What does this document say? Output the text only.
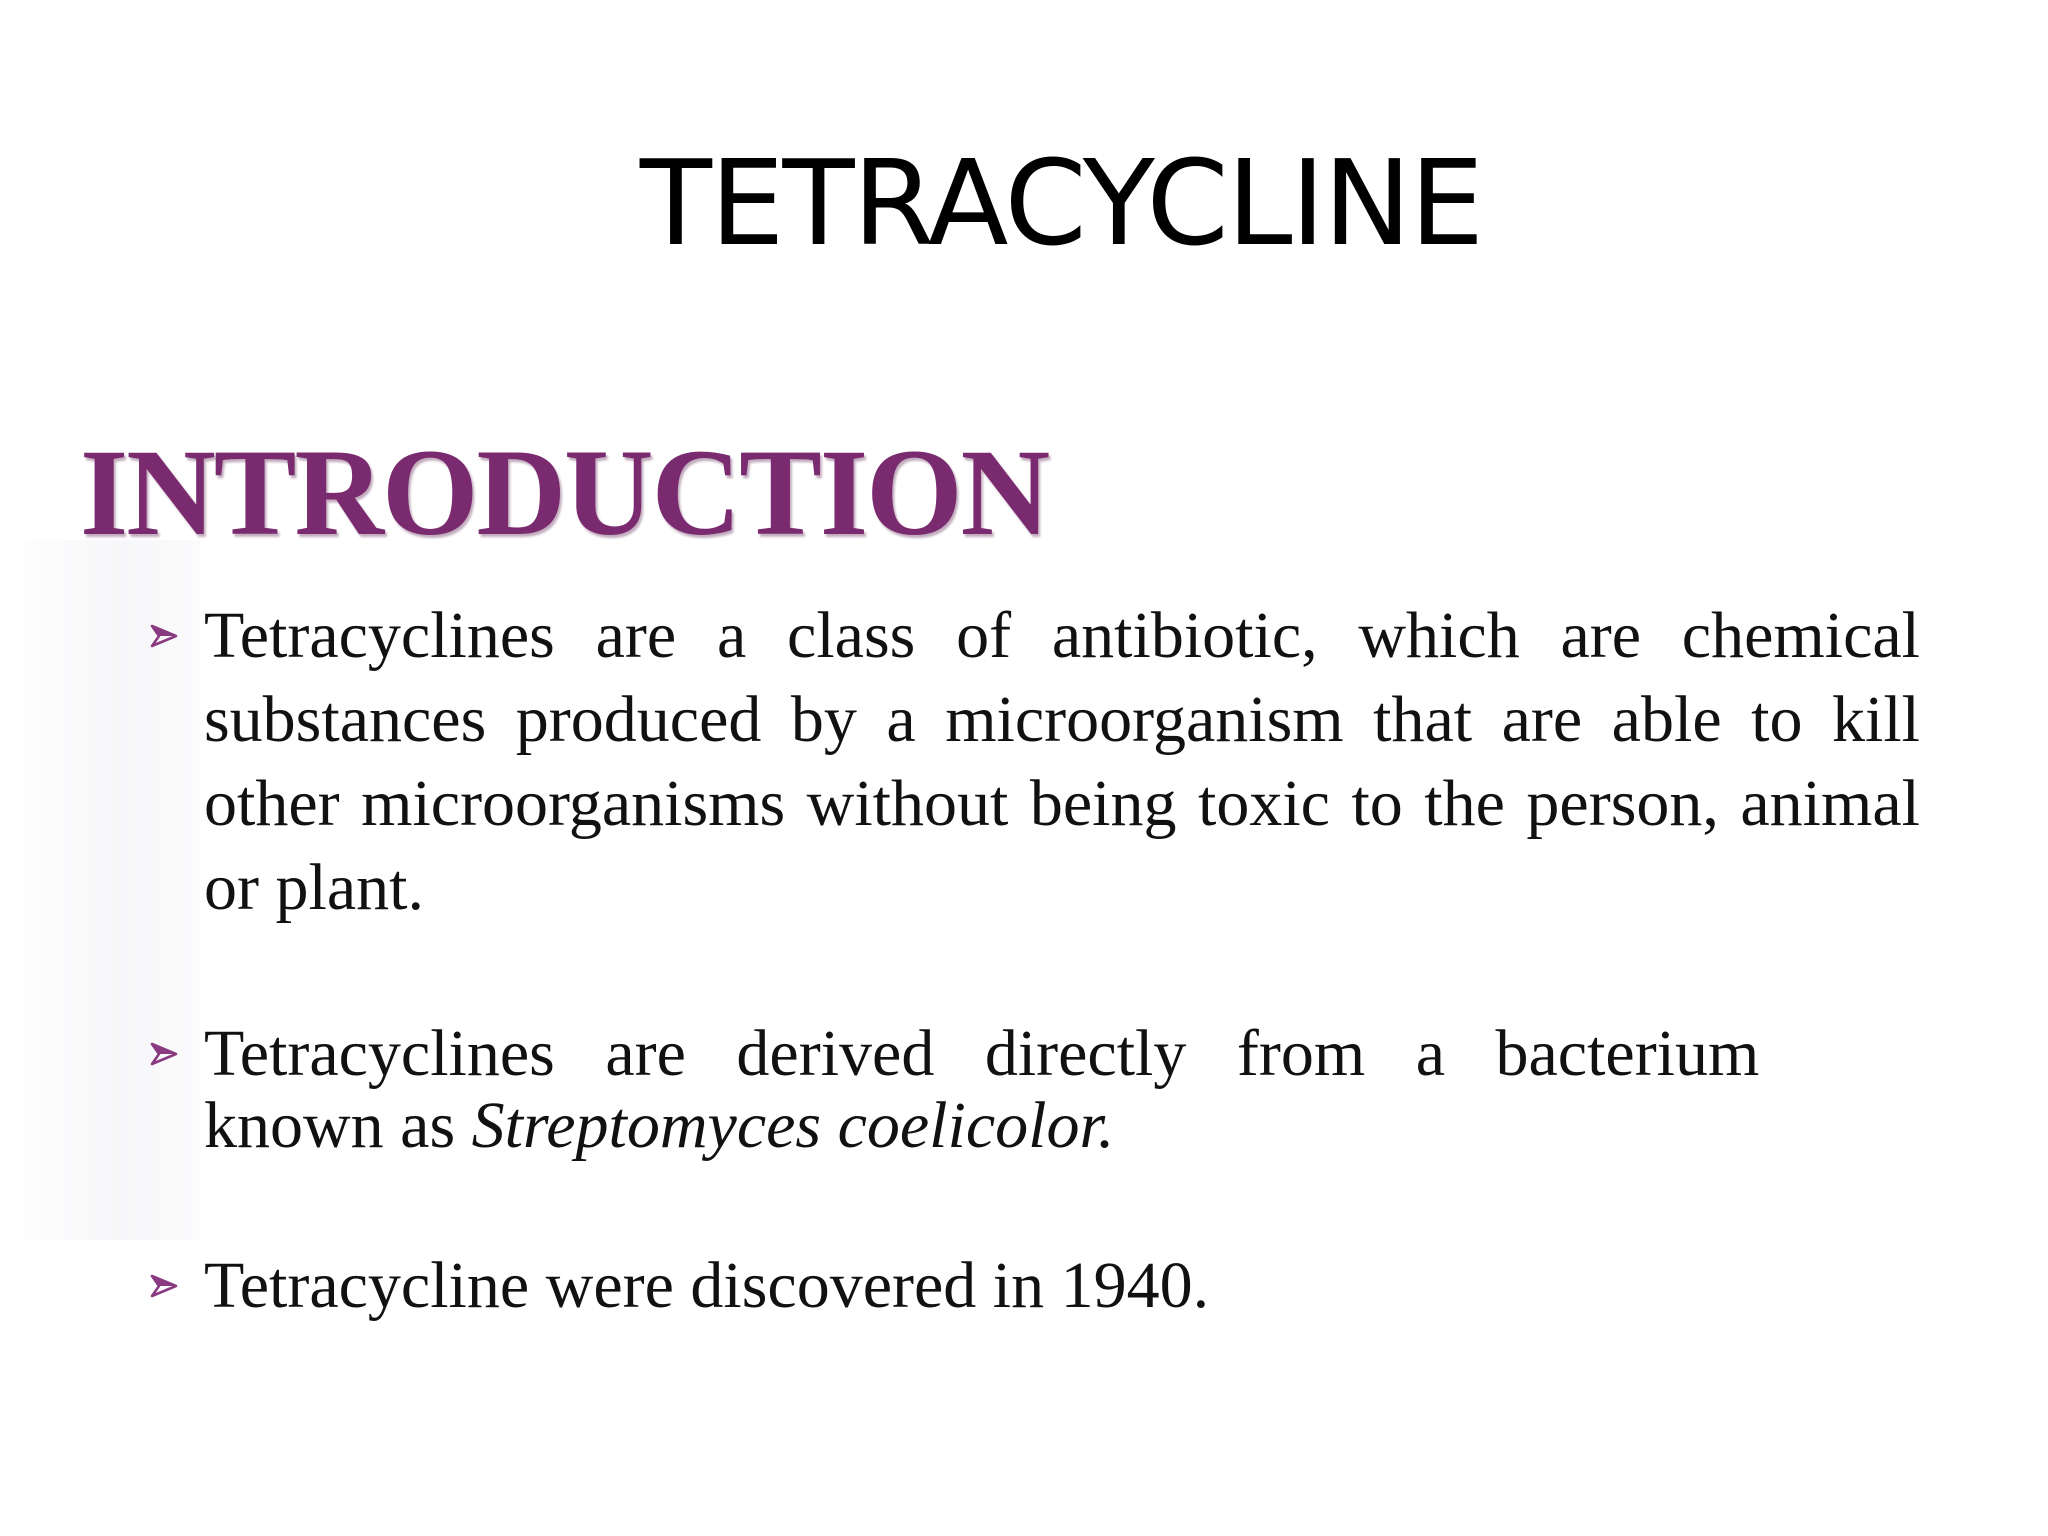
TETRACYCLINE
INTRODUCTION
Tetracyclines are a class of antibiotic, which are chemical substances produced by a microorganism that are able to kill other microorganisms without being toxic to the person, animal or plant.
Tetracyclines are derived directly from a bacterium
known as Streptomyces coelicolor.
Tetracycline were discovered in 1940.
